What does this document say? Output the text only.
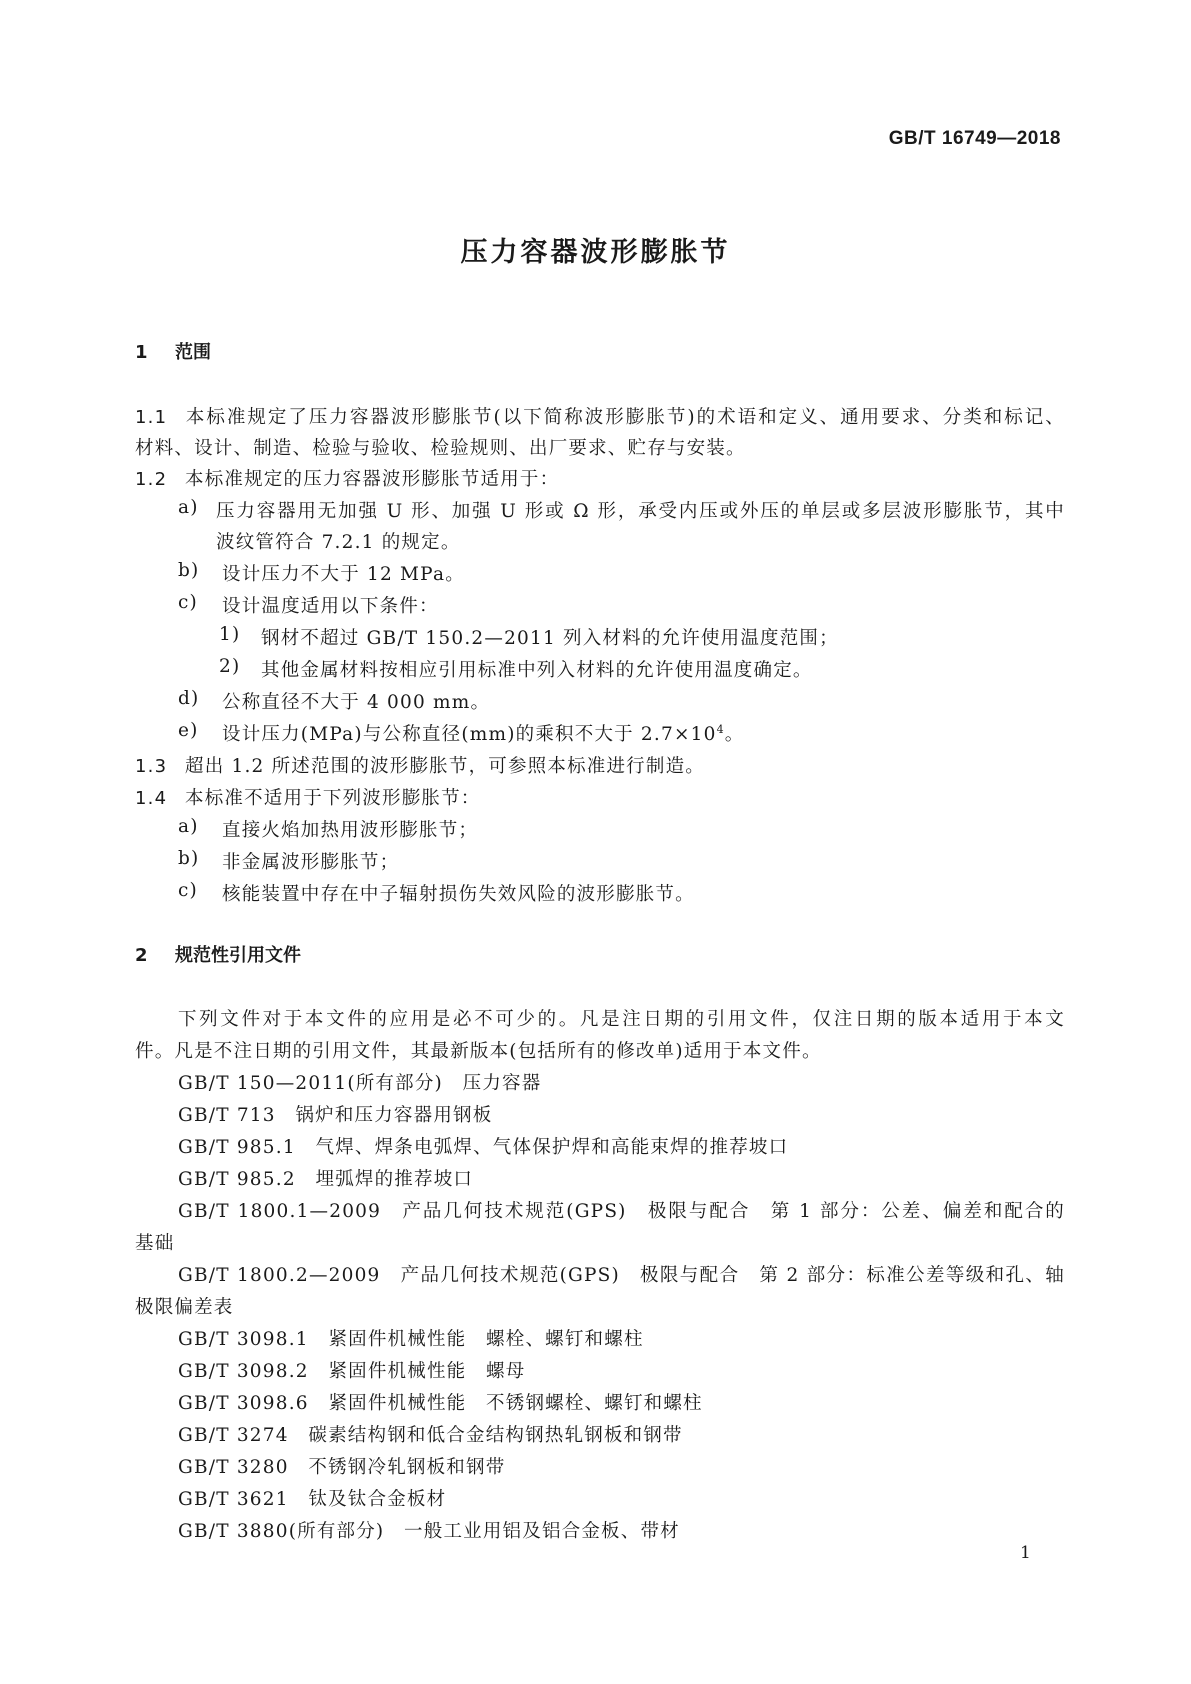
GB/T 16749—2018
压力容器波形膨胀节
1 范围
1.1 本标准规定了压力容器波形膨胀节(以下简称波形膨胀节)的术语和定义、通用要求、分类和标记、
材料、设计、制造、检验与验收、检验规则、出厂要求、贮存与安装。
1.2 本标准规定的压力容器波形膨胀节适用于：
a) 压力容器用无加强 U 形、加强 U 形或 Ω 形，承受内压或外压的单层或多层波形膨胀节，其中
波纹管符合 7.2.1 的规定。
b) 设计压力不大于 12 MPa。
c) 设计温度适用以下条件：
1) 钢材不超过 GB/T 150.2—2011 列入材料的允许使用温度范围；
2) 其他金属材料按相应引用标准中列入材料的允许使用温度确定。
d) 公称直径不大于 4 000 mm。
e) 设计压力(MPa)与公称直径(mm)的乘积不大于 $2.7\times 10^4$。
1.3 超出 1.2 所述范围的波形膨胀节，可参照本标准进行制造。
1.4 本标准不适用于下列波形膨胀节：
a) 直接火焰加热用波形膨胀节；
b) 非金属波形膨胀节；
c) 核能装置中存在中子辐射损伤失效风险的波形膨胀节。
2 规范性引用文件
下列文件对于本文件的应用是必不可少的。凡是注日期的引用文件，仅注日期的版本适用于本文
件。凡是不注日期的引用文件，其最新版本(包括所有的修改单)适用于本文件。
GB/T 150—2011(所有部分)　压力容器
GB/T 713　锅炉和压力容器用钢板
GB/T 985.1　气焊、焊条电弧焊、气体保护焊和高能束焊的推荐坡口
GB/T 985.2　埋弧焊的推荐坡口
GB/T 1800.1—2009　产品几何技术规范(GPS)　极限与配合　第 1 部分：公差、偏差和配合的
基础
GB/T 1800.2—2009　产品几何技术规范(GPS)　极限与配合　第 2 部分：标准公差等级和孔、轴
极限偏差表
GB/T 3098.1　紧固件机械性能　螺栓、螺钉和螺柱
GB/T 3098.2　紧固件机械性能　螺母
GB/T 3098.6　紧固件机械性能　不锈钢螺栓、螺钉和螺柱
GB/T 3274　碳素结构钢和低合金结构钢热轧钢板和钢带
GB/T 3280　不锈钢冷轧钢板和钢带
GB/T 3621　钛及钛合金板材
GB/T 3880(所有部分)　一般工业用铝及铝合金板、带材
1
